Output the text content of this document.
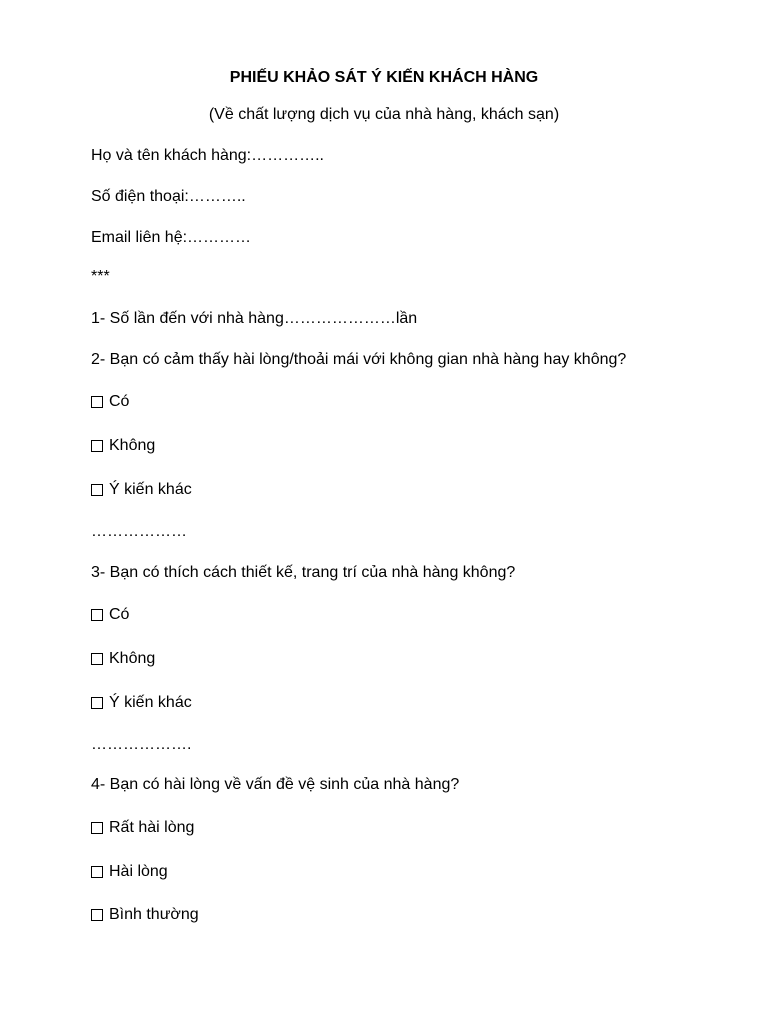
PHIẾU KHẢO SÁT Ý KIẾN KHÁCH HÀNG
(Về chất lượng dịch vụ của nhà hàng, khách sạn)
Họ và tên khách hàng:…………..
Số điện thoại:………..
Email liên hệ:…………
***
1- Số lần đến với nhà hàng…………………lần
2- Bạn có cảm thấy hài lòng/thoải mái với không gian nhà hàng hay không?
Có
Không
Ý kiến khác
………………
3- Bạn có thích cách thiết kế, trang trí của nhà hàng không?
Có
Không
Ý kiến khác
……………….
4- Bạn có hài lòng về vấn đề vệ sinh của nhà hàng?
Rất hài lòng
Hài lòng
Bình thường
